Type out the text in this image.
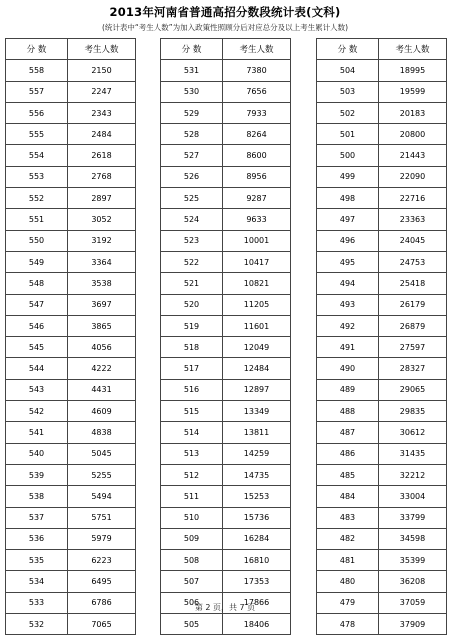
2013年河南省普通高招分数段统计表(文科)
(统计表中“考生人数”为加入政策性照顾分后对应总分及以上考生累计人数)
分 数	考生人数
558	2150
557	2247
556	2343
555	2484
554	2618
553	2768
552	2897
551	3052
550	3192
549	3364
548	3538
547	3697
546	3865
545	4056
544	4222
543	4431
542	4609
541	4838
540	5045
539	5255
538	5494
537	5751
536	5979
535	6223
534	6495
533	6786
532	7065
分 数	考生人数
531	7380
530	7656
529	7933
528	8264
527	8600
526	8956
525	9287
524	9633
523	10001
522	10417
521	10821
520	11205
519	11601
518	12049
517	12484
516	12897
515	13349
514	13811
513	14259
512	14735
511	15253
510	15736
509	16284
508	16810
507	17353
506	17866
505	18406
分 数	考生人数
504	18995
503	19599
502	20183
501	20800
500	21443
499	22090
498	22716
497	23363
496	24045
495	24753
494	25418
493	26179
492	26879
491	27597
490	28327
489	29065
488	29835
487	30612
486	31435
485	32212
484	33004
483	33799
482	34598
481	35399
480	36208
479	37059
478	37909
第 2 页，共 7 页
